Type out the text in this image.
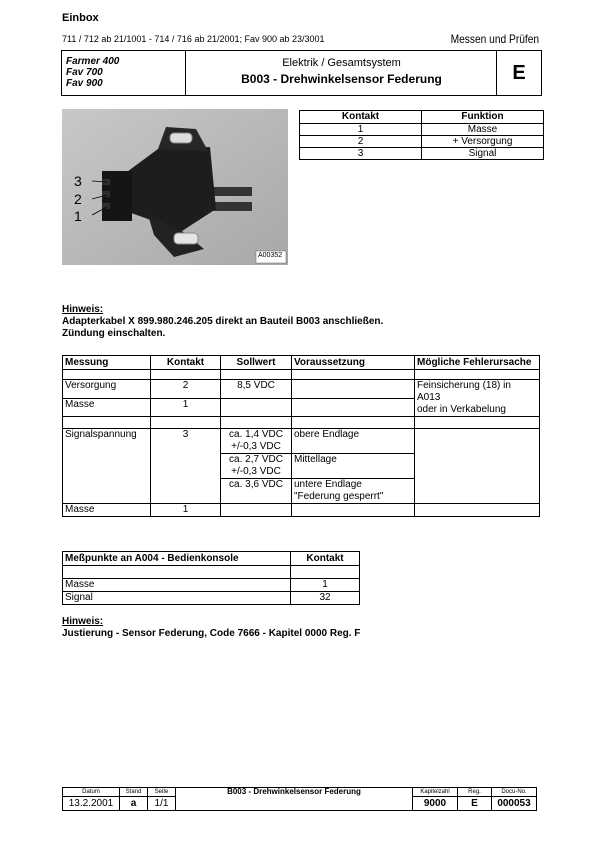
Einbox
711 / 712 ab 21/1001 - 714 / 716 ab 21/2001; Fav 900 ab 23/3001	Messen und Prüfen
Farmer 400
Fav 700
Fav 900
Elektrik / Gesamtsystem
B003 - Drehwinkelsensor Federung	E
3
2
1
A00352
Kontakt	Funktion
1	Masse
2	+ Versorgung
3	Signal
Hinweis:
Adapterkabel X 899.980.246.205 direkt an Bauteil B003 anschließen.
Zündung einschalten.
Messung	Kontakt	Sollwert	Voraussetzung	Mögliche Fehlerursache

Versorgung	2	8,5 VDC		Feinsicherung (18) in
A013
oder in Verkabelung

Masse	1			

Signalspannung	3	ca. 1,4 VDC
+/-0,3 VDC	obere Endlage	

		ca. 2,7 VDC
+/-0,3 VDC	Mittellage	
		ca. 3,6 VDC	untere Endlage
"Federung gesperrt"	

Masse	1			
Meßpunkte an A004 - Bedienkonsole	Kontakt

Masse	1
Signal	32
Hinweis:
Justierung - Sensor Federung, Code 7666 - Kapitel 0000 Reg. F
Datum	Stand	Seite	B003 - Drehwinkelsensor Federung	Kapitelzahl	Reg.	Docu-No.
13.2.2001	a	1/1		9000	E	000053
